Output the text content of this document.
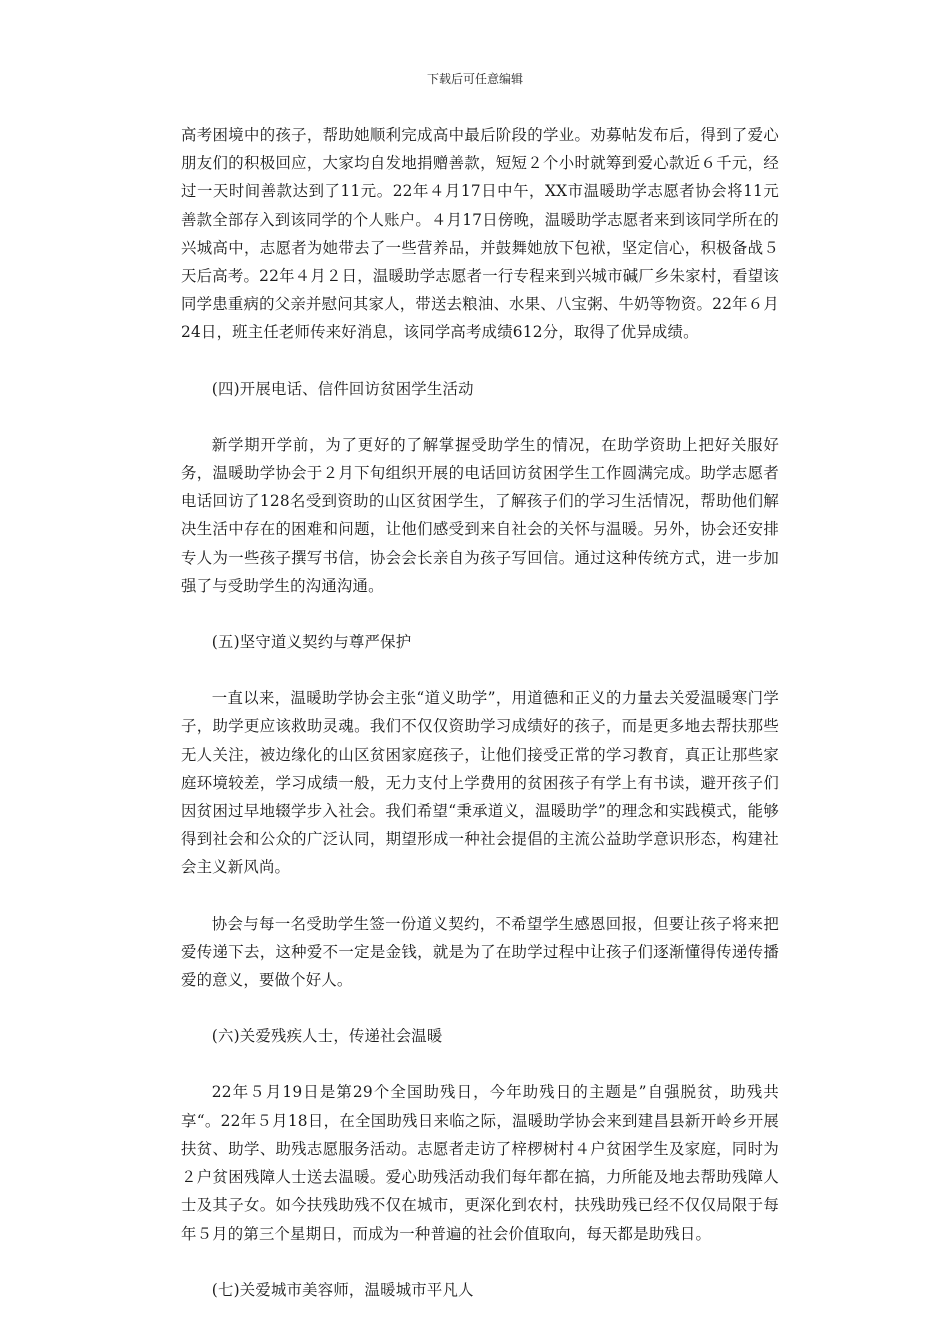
下载后可任意编辑

高考困境中的孩子，帮助她顺利完成高中最后阶段的学业。劝募帖发布后，得到了爱心朋友们的积极回应，大家均自发地捐赠善款，短短２个小时就筹到爱心款近６千元，经过一天时间善款达到了11元。22年４月17日中午，XX市温暖助学志愿者协会将11元善款全部存入到该同学的个人账户。４月17日傍晚，温暖助学志愿者来到该同学所在的兴城高中，志愿者为她带去了一些营养品，并鼓舞她放下包袱，坚定信心，积极备战５天后高考。22年４月２日，温暖助学志愿者一行专程来到兴城市碱厂乡朱家村，看望该同学患重病的父亲并慰问其家人，带送去粮油、水果、八宝粥、牛奶等物资。22年６月24日，班主任老师传来好消息，该同学高考成绩612分，取得了优异成绩。

(四)开展电话、信件回访贫困学生活动

新学期开学前，为了更好的了解掌握受助学生的情况，在助学资助上把好关服好务，温暖助学协会于２月下旬组织开展的电话回访贫困学生工作圆满完成。助学志愿者电话回访了128名受到资助的山区贫困学生，了解孩子们的学习生活情况，帮助他们解决生活中存在的困难和问题，让他们感受到来自社会的关怀与温暖。另外，协会还安排专人为一些孩子撰写书信，协会会长亲自为孩子写回信。通过这种传统方式，进一步加强了与受助学生的沟通沟通。

(五)坚守道义契约与尊严保护

一直以来，温暖助学协会主张“道义助学”，用道德和正义的力量去关爱温暖寒门学子，助学更应该救助灵魂。我们不仅仅资助学习成绩好的孩子，而是更多地去帮扶那些无人关注，被边缘化的山区贫困家庭孩子，让他们接受正常的学习教育，真正让那些家庭环境较差，学习成绩一般，无力支付上学费用的贫困孩子有学上有书读，避开孩子们因贫困过早地辍学步入社会。我们希望“秉承道义，温暖助学”的理念和实践模式，能够得到社会和公众的广泛认同，期望形成一种社会提倡的主流公益助学意识形态，构建社会主义新风尚。

协会与每一名受助学生签一份道义契约，不希望学生感恩回报，但要让孩子将来把爱传递下去，这种爱不一定是金钱，就是为了在助学过程中让孩子们逐渐懂得传递传播爱的意义，要做个好人。

(六)关爱残疾人士，传递社会温暖

22年５月19日是第29个全国助残日，今年助残日的主题是”自强脱贫，助残共享“。22年５月18日，在全国助残日来临之际，温暖助学协会来到建昌县新开岭乡开展扶贫、助学、助残志愿服务活动。志愿者走访了梓椤树村４户贫困学生及家庭，同时为２户贫困残障人士送去温暖。爱心助残活动我们每年都在搞，力所能及地去帮助残障人士及其子女。如今扶残助残不仅在城市，更深化到农村，扶残助残已经不仅仅局限于每年５月的第三个星期日，而成为一种普遍的社会价值取向，每天都是助残日。

(七)关爱城市美容师，温暖城市平凡人
